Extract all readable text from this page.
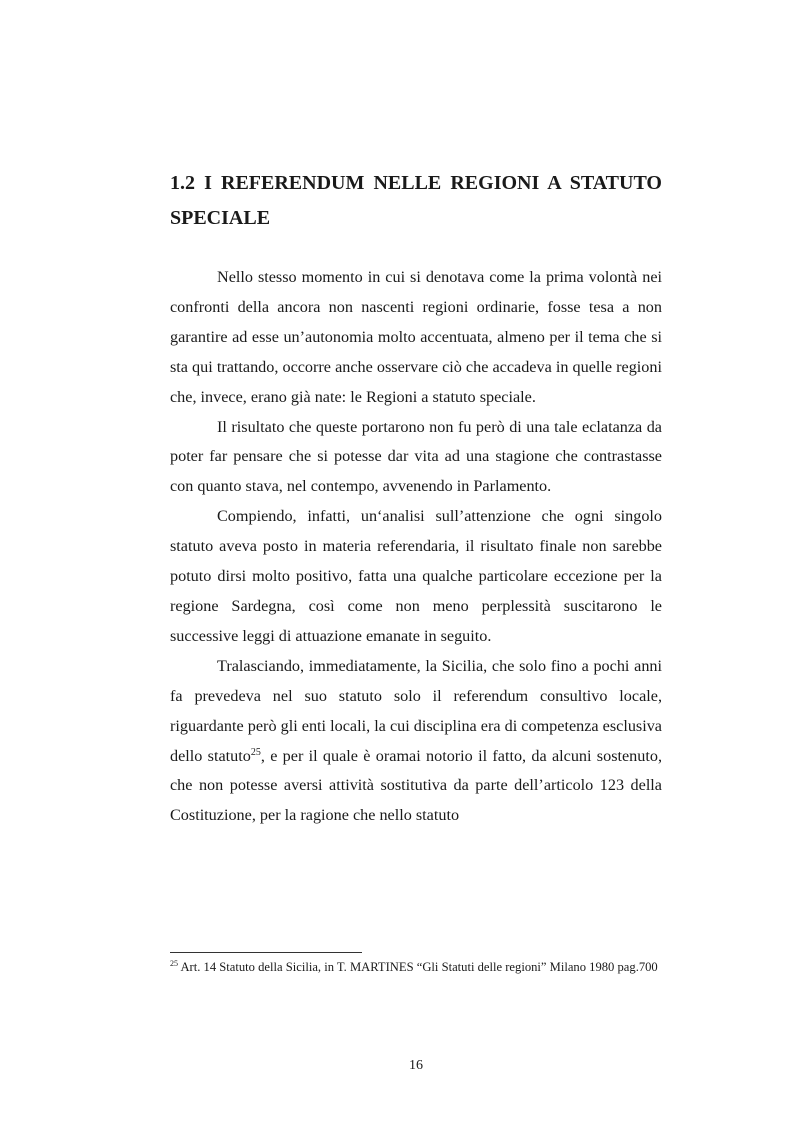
1.2 I REFERENDUM NELLE REGIONI A STATUTO SPECIALE

Nello stesso momento in cui si denotava come la prima volontà nei confronti della ancora non nascenti regioni ordinarie, fosse tesa a non garantire ad esse un’autonomia molto accentuata, almeno per il tema che si sta qui trattando, occorre anche osservare ciò che accadeva in quelle regioni che, invece, erano già nate: le Regioni a statuto speciale.

Il risultato che queste portarono non fu però di una tale eclatanza da poter far pensare che si potesse dar vita ad una stagione che contrastasse con quanto stava, nel contempo, avvenendo in Parlamento.

Compiendo, infatti, un‘analisi sull’attenzione che ogni singolo statuto aveva posto in materia referendaria, il risultato finale non sarebbe potuto dirsi molto positivo, fatta una qualche particolare eccezione per la regione Sardegna, così come non meno perplessità suscitarono le successive leggi di attuazione emanate in seguito.

Tralasciando, immediatamente, la Sicilia, che solo fino a pochi anni fa prevedeva nel suo statuto solo il referendum consultivo locale, riguardante però gli enti locali, la cui disciplina era di competenza esclusiva dello statuto$^{25}$, e per il quale è oramai notorio il fatto, da alcuni sostenuto, che non potesse aversi attività sostitutiva da parte dell’articolo 123 della Costituzione, per la ragione che nello statuto

$^{25}$ Art. 14 Statuto della Sicilia, in T. MARTINES “Gli Statuti delle regioni” Milano 1980 pag.700

16
